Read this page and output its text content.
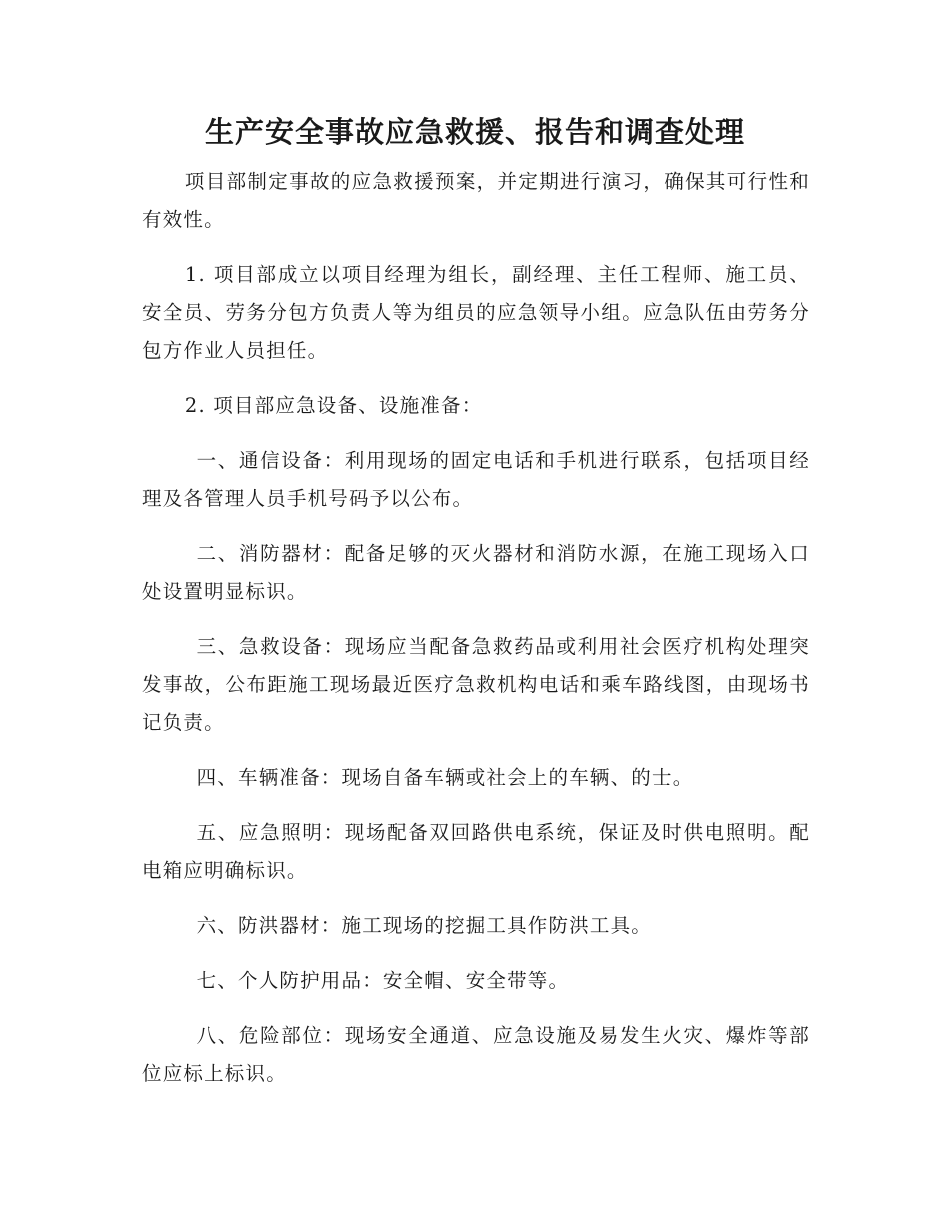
生产安全事故应急救援、报告和调查处理

项目部制定事故的应急救援预案，并定期进行演习，确保其可行性和有效性。

1. 项目部成立以项目经理为组长，副经理、主任工程师、施工员、安全员、劳务分包方负责人等为组员的应急领导小组。应急队伍由劳务分包方作业人员担任。

2. 项目部应急设备、设施准备：

一、通信设备：利用现场的固定电话和手机进行联系，包括项目经理及各管理人员手机号码予以公布。

二、消防器材：配备足够的灭火器材和消防水源，在施工现场入口处设置明显标识。

三、急救设备：现场应当配备急救药品或利用社会医疗机构处理突发事故，公布距施工现场最近医疗急救机构电话和乘车路线图，由现场书记负责。

四、车辆准备：现场自备车辆或社会上的车辆、的士。

五、应急照明：现场配备双回路供电系统，保证及时供电照明。配电箱应明确标识。

六、防洪器材：施工现场的挖掘工具作防洪工具。

七、个人防护用品：安全帽、安全带等。

八、危险部位：现场安全通道、应急设施及易发生火灾、爆炸等部位应标上标识。
